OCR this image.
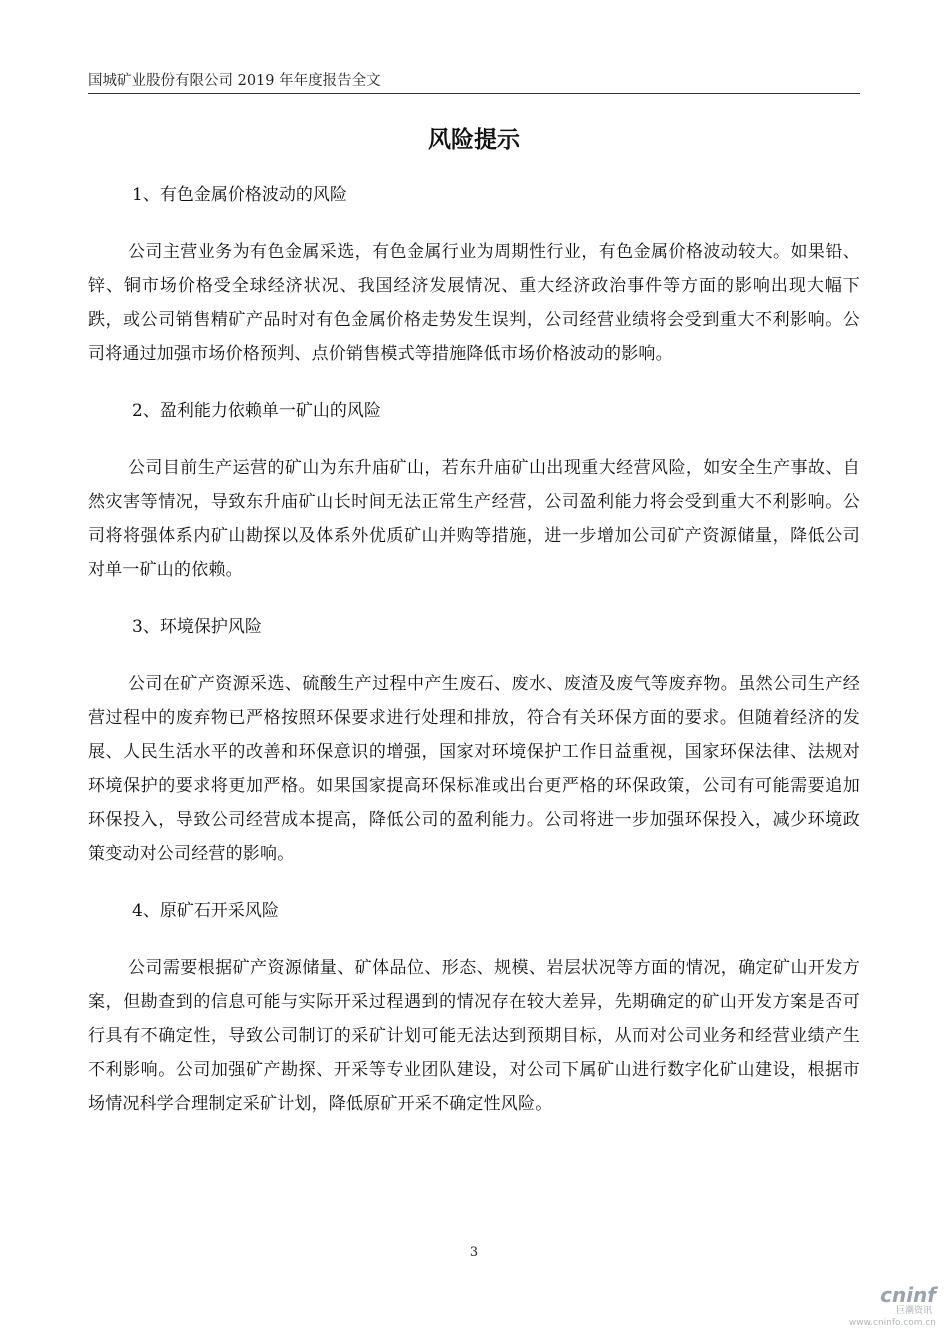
国城矿业股份有限公司 2019 年年度报告全文
风险提示

1、有色金属价格波动的风险

公司主营业务为有色金属采选，有色金属行业为周期性行业，有色金属价格波动较大。如果铅、锌、铜市场价格受全球经济状况、我国经济发展情况、重大经济政治事件等方面的影响出现大幅下跌，或公司销售精矿产品时对有色金属价格走势发生误判，公司经营业绩将会受到重大不利影响。公司将通过加强市场价格预判、点价销售模式等措施降低市场价格波动的影响。

2、盈利能力依赖单一矿山的风险

公司目前生产运营的矿山为东升庙矿山，若东升庙矿山出现重大经营风险，如安全生产事故、自然灾害等情况，导致东升庙矿山长时间无法正常生产经营，公司盈利能力将会受到重大不利影响。公司将将强体系内矿山勘探以及体系外优质矿山并购等措施，进一步增加公司矿产资源储量，降低公司对单一矿山的依赖。

3、环境保护风险

公司在矿产资源采选、硫酸生产过程中产生废石、废水、废渣及废气等废弃物。虽然公司生产经营过程中的废弃物已严格按照环保要求进行处理和排放，符合有关环保方面的要求。但随着经济的发展、人民生活水平的改善和环保意识的增强，国家对环境保护工作日益重视，国家环保法律、法规对环境保护的要求将更加严格。如果国家提高环保标准或出台更严格的环保政策，公司有可能需要追加环保投入，导致公司经营成本提高，降低公司的盈利能力。公司将进一步加强环保投入，减少环境政策变动对公司经营的影响。

4、原矿石开采风险

公司需要根据矿产资源储量、矿体品位、形态、规模、岩层状况等方面的情况，确定矿山开发方案，但勘查到的信息可能与实际开采过程遇到的情况存在较大差异，先期确定的矿山开发方案是否可行具有不确定性，导致公司制订的采矿计划可能无法达到预期目标，从而对公司业务和经营业绩产生不利影响。公司加强矿产勘探、开采等专业团队建设，对公司下属矿山进行数字化矿山建设，根据市场情况科学合理制定采矿计划，降低原矿开采不确定性风险。

3
cninf
巨潮资讯
www.cninfo.com.cn
